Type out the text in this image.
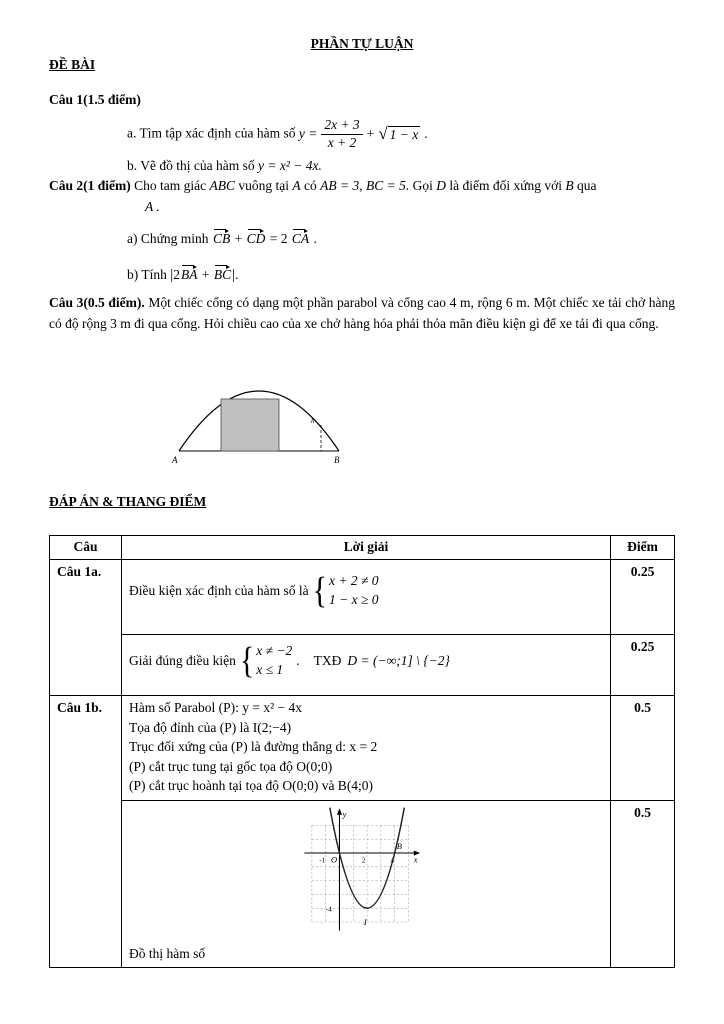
PHẦN TỰ LUẬN
ĐỀ BÀI
Câu 1(1.5 điểm)
a. Tìm tập xác định của hàm số $y = \frac{2x + 3}{x + 2}$ + √ 1 − x .
b. Vẽ đồ thị của hàm số y = x² − 4x.
Câu 2(1 điểm) Cho tam giác ABC vuông tại A có AB = 3, BC = 5. Gọi D là điểm đối xứng với B qua
A .
a) Chứng minh CB + CD = 2 CA .
b) Tính |2 BA + BC |.
Câu 3(0.5 điểm). Một chiếc cổng có dạng một phần parabol và cổng cao 4 m, rộng 6 m. Một chiếc xe tải chở hàng có độ rộng 3 m đi qua cổng. Hỏi chiều cao của xe chở hàng hóa phải thỏa mãn điều kiện gì để xe tải đi qua cổng.
h
A	B
ĐÁP ÁN & THANG ĐIỂM
Câu	Lời giải	Điểm
Câu 1a.	Điều kiện xác định của hàm số là { x + 2 ≠ 0
1 − x ≥ 0	0.25

Giải đúng điều kiện { x ≠ −2
x ≤ 1
. TXĐ D = (−∞;1] \ {−2}
	0.25
Câu 1b.	Hàm số Parabol (P): y = x² − 4x
Tọa độ đỉnh của (P) là I(2;−4)
Trục đối xứng của (P) là đường thẳng d: x = 2
(P) cắt trục tung tại gốc tọa độ O(0;0)
(P) cắt trục hoành tại tọa độ O(0;0) và B(4;0)	0.5

y
x
O
-1	2	4
B
-4
I
Đồ thị hàm số
	0.5
